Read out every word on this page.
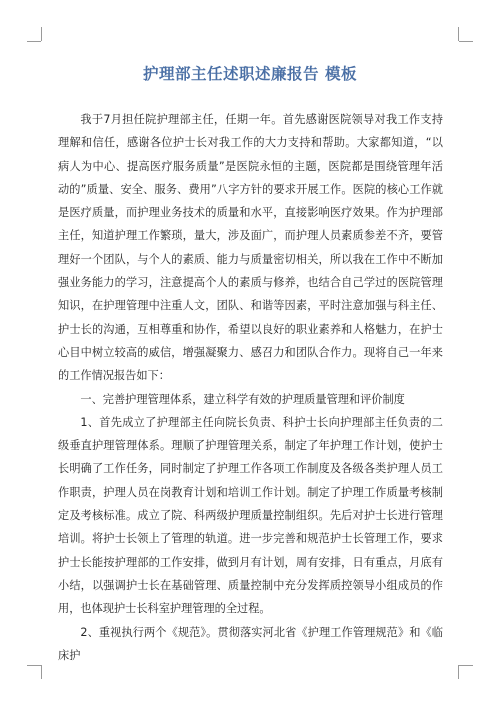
护理部主任述职述廉报告 模板

我于7月担任院护理部主任，任期一年。首先感谢医院领导对我工作支持理解和信任，感谢各位护士长对我工作的大力支持和帮助。大家都知道，“以病人为中心、提高医疗服务质量”是医院永恒的主题，医院都是围绕管理年活动的”质量、安全、服务、费用”八字方针的要求开展工作。医院的核心工作就是医疗质量，而护理业务技术的质量和水平，直接影响医疗效果。作为护理部主任，知道护理工作繁琐，量大，涉及面广，而护理人员素质参差不齐，要管理好一个团队，与个人的素质、能力与质量密切相关，所以我在工作中不断加强业务能力的学习，注意提高个人的素质与修养，也结合自己学过的医院管理知识，在护理管理中注重人文，团队、和谐等因素，平时注意加强与科主任、护士长的沟通，互相尊重和协作，希望以良好的职业素养和人格魅力，在护士心目中树立较高的威信，增强凝聚力、感召力和团队合作力。现将自己一年来的工作情况报告如下：

一、完善护理管理体系，建立科学有效的护理质量管理和评价制度

1、首先成立了护理部主任向院长负责、科护士长向护理部主任负责的二级垂直护理管理体系。理顺了护理管理关系，制定了年护理工作计划，使护士长明确了工作任务，同时制定了护理工作各项工作制度及各级各类护理人员工作职责，护理人员在岗教育计划和培训工作计划。制定了护理工作质量考核制定及考核标准。成立了院、科两级护理质量控制组织。先后对护士长进行管理培训。将护士长领上了管理的轨道。进一步完善和规范护士长管理工作，要求护士长能按护理部的工作安排，做到月有计划，周有安排，日有重点，月底有小结，以强调护士长在基础管理、质量控制中充分发挥质控领导小组成员的作用，也体现护士长科室护理管理的全过程。

2、重视执行两个《规范》。贯彻落实河北省《护理工作管理规范》和《临床护
